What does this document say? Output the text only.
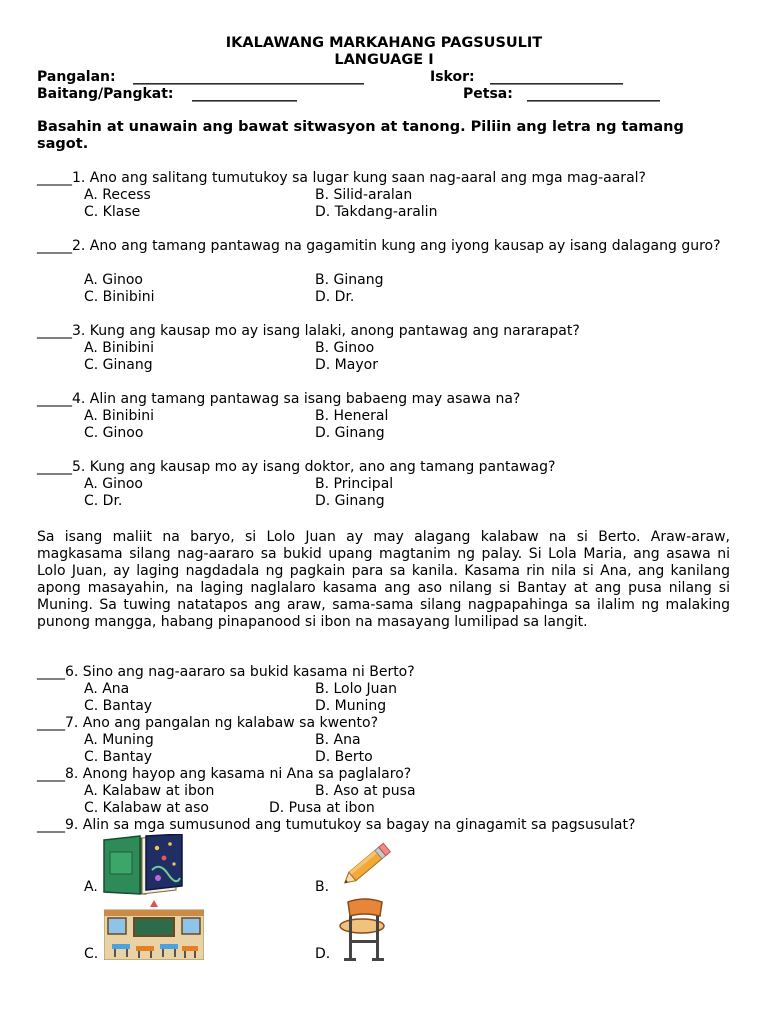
IKALAWANG MARKAHANG PAGSUSULIT
LANGUAGE I
Pangalan: _________________________________	Iskor: ___________________
Baitang/Pangkat: _______________	Petsa: ___________________
Basahin at unawain ang bawat sitwasyon at tanong. Piliin ang letra ng tamang sagot.
_____1. Ano ang salitang tumutukoy sa lugar kung saan nag-aaral ang mga mag-aaral?
A. Recess	B. Silid-aralan
C. Klase	D. Takdang-aralin
_____2. Ano ang tamang pantawag na gagamitin kung ang iyong kausap ay isang dalagang guro?
A. Ginoo	B. Ginang
C. Binibini	D. Dr.
_____3. Kung ang kausap mo ay isang lalaki, anong pantawag ang nararapat?
A. Binibini	B. Ginoo
C. Ginang	D. Mayor
_____4. Alin ang tamang pantawag sa isang babaeng may asawa na?
A. Binibini	B. Heneral
C. Ginoo	D. Ginang
_____5. Kung ang kausap mo ay isang doktor, ano ang tamang pantawag?
A. Ginoo	B. Principal
C. Dr.	D. Ginang
Sa isang maliit na baryo, si Lolo Juan ay may alagang kalabaw na si Berto. Araw-araw, magkasama silang nag-aararo sa bukid upang magtanim ng palay. Si Lola Maria, ang asawa ni Lolo Juan, ay laging nagdadala ng pagkain para sa kanila. Kasama rin nila si Ana, ang kanilang apong masayahin, na laging naglalaro kasama ang aso nilang si Bantay at ang pusa nilang si Muning. Sa tuwing natatapos ang araw, sama-sama silang nagpapahinga sa ilalim ng malaking punong mangga, habang pinapanood si ibon na masayang lumilipad sa langit.
____6. Sino ang nag-aararo sa bukid kasama ni Berto?
A. Ana	B. Lolo Juan
C. Bantay	D. Muning
____7. Ano ang pangalan ng kalabaw sa kwento?
A. Muning	B. Ana
C. Bantay	D. Berto
____8. Anong hayop ang kasama ni Ana sa paglalaro?
A. Kalabaw at ibon	B. Aso at pusa
C. Kalabaw at aso	D. Pusa at ibon
____9. Alin sa mga sumusunod ang tumutukoy sa bagay na ginagamit sa pagsusulat?
A.	B.
C.	D.
